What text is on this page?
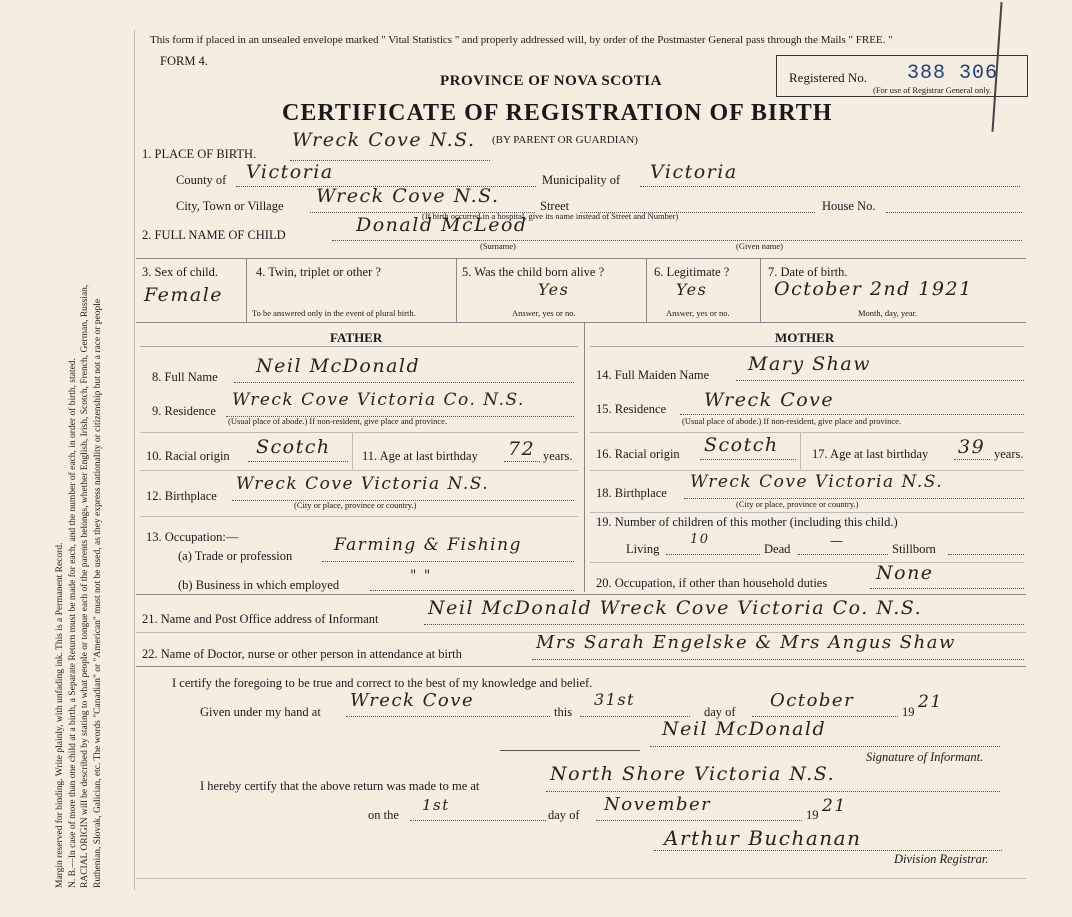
Margin reserved for binding. Write plainly, with unfading ink. This is a Permanent Record. N. B.—In case of more than one child at a birth, a Separate Return must be made for each, and the number of each, in order of birth, stated. RACIAL ORIGIN will be described by stating to what people or tongue each of the parents belongs, whether English, Irish, Scotch, French, German, Russian, Ruthenian, Slovak, Galician, etc. The words "Canadian" or "American" must not be used, as they express nationality or citizenship but not a race or people

This form if placed in an unsealed envelope marked " Vital Statistics " and properly addressed will, by order of the Postmaster General pass through the Mails " FREE. "
FORM 4.
PROVINCE OF NOVA SCOTIA
CERTIFICATE OF REGISTRATION OF BIRTH
Registered No. 388 306
(For use of Registrar General only.
1. PLACE OF BIRTH.
Wreck Cove N.S. (BY PARENT OR GUARDIAN)
County of Victoria	Municipality of Victoria
City, Town or Village Wreck Cove N.S.	Street	House No.
(If birth occurred in a hospital, give its name instead of Street and Number)
2. FULL NAME OF CHILD	Donald McLeod
(Surname)	(Given name)
3. Sex of child.
Female
4. Twin, triplet or other ?
To be answered only in the event of plural birth.
5. Was the child born alive ?
Yes
Answer, yes or no.
6. Legitimate ?
Yes
Answer, yes or no.
7. Date of birth.
October 2nd 1921
Month, day, year.
FATHER	MOTHER
8. Full Name Neil McDonald
9. Residence
Wreck Cove Victoria Co. N.S.
(Usual place of abode.) If non-resident, give place and province.
10. Racial origin Scotch	11. Age at last birthday 72 years.
12. Birthplace
Wreck Cove Victoria N.S.
(City or place, province or country.)
13. Occupation:—
(a) Trade or profession
Farming & Fishing
(b) Business in which employed
" "
14. Full Maiden Name Mary Shaw
15. Residence Wreck Cove
(Usual place of abode.) If non-resident, give place and province.
16. Racial origin Scotch	17. Age at last birthday 39 years.
18. Birthplace
Wreck Cove Victoria N.S.
(City or place, province or country.)
19. Number of children of this mother (including this child.)
Living
10
Dead	—	Stillborn
20. Occupation, if other than household duties	None
21. Name and Post Office address of Informant	Neil McDonald Wreck Cove Victoria Co. N.S.
22. Name of Doctor, nurse or other person in attendance at birth
Mrs Sarah Engelske & Mrs Angus Shaw
I certify the foregoing to be true and correct to the best of my knowledge and belief.
Given under my hand at
Wreck Cove
this
31st
day of
October
19 21
Neil McDonald
Signature of Informant.
I hereby certify that the above return was made to me at
North Shore Victoria N.S.
on the
1st
day of November	19 21
Arthur Buchanan
Division Registrar.
